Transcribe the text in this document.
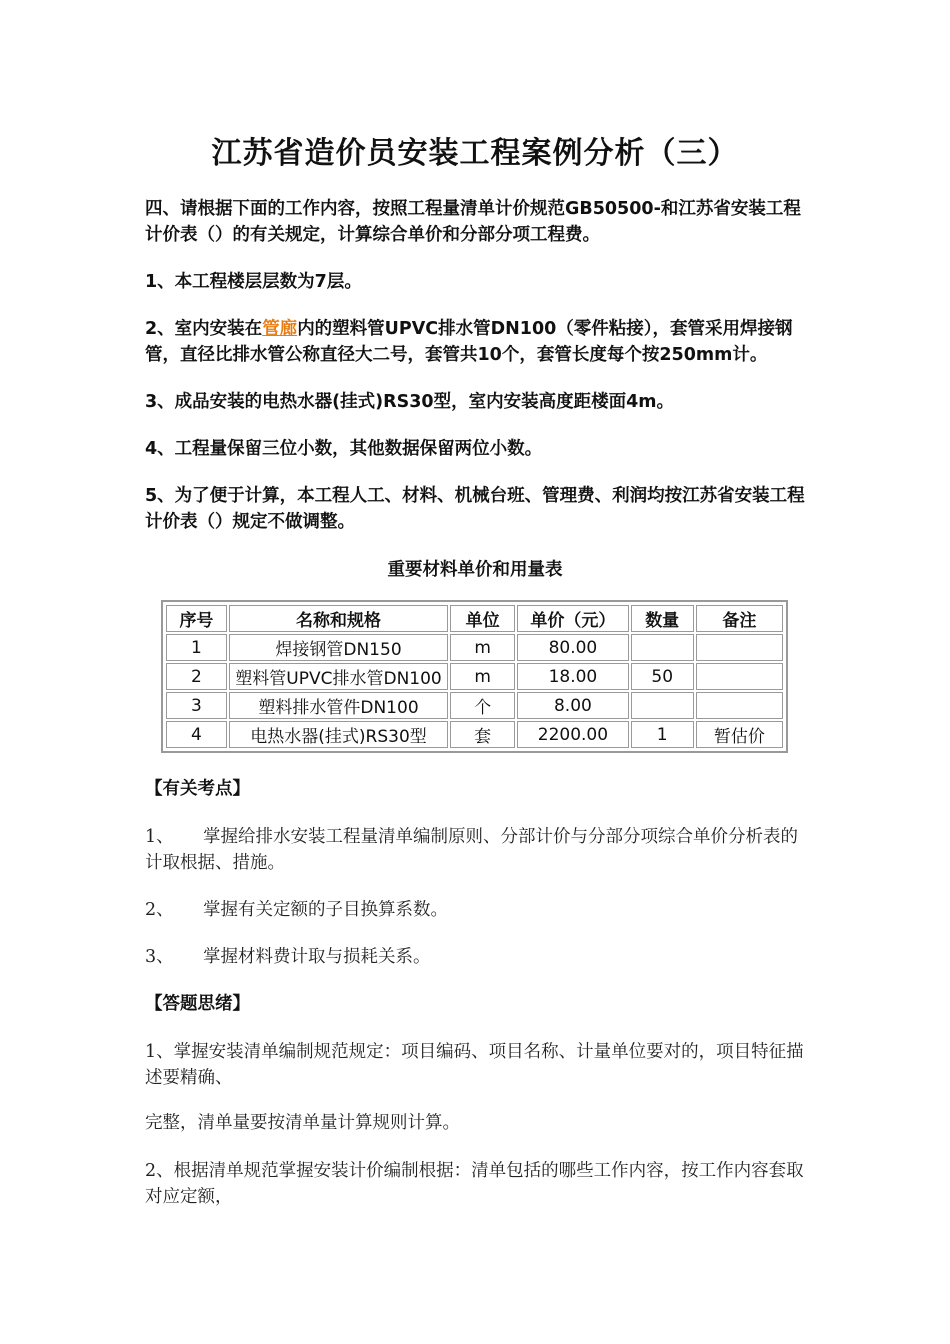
江苏省造价员安装工程案例分析（三）

四、请根据下面的工作内容，按照工程量清单计价规范GB50500-和江苏省安装工程计价表（）的有关规定，计算综合单价和分部分项工程费。

1、本工程楼层层数为7层。

2、室内安装在管廊内的塑料管UPVC排水管DN100（零件粘接），套管采用焊接钢管，直径比排水管公称直径大二号，套管共10个，套管长度每个按250mm计。

3、成品安装的电热水器(挂式)RS30型，室内安装高度距楼面4m。

4、工程量保留三位小数，其他数据保留两位小数。

5、为了便于计算，本工程人工、材料、机械台班、管理费、利润均按江苏省安装工程计价表（）规定不做调整。

重要材料单价和用量表
序号	名称和规格	单位	单价（元）	数量	备注
1	焊接钢管DN150	m	80.00		
2	塑料管UPVC排水管DN100	m	18.00	50	
3	塑料排水管件DN100	个	8.00		
4	电热水器(挂式)RS30型	套	2200.00	1	暂估价

【有关考点】

1、 掌握给排水安装工程量清单编制原则、分部计价与分部分项综合单价分析表的计取根据、措施。

2、 掌握有关定额的子目换算系数。

3、 掌握材料费计取与损耗关系。

【答题思绪】

1、掌握安装清单编制规范规定：项目编码、项目名称、计量单位要对的，项目特征描述要精确、

完整，清单量要按清单量计算规则计算。

2、根据清单规范掌握安装计价编制根据：清单包括的哪些工作内容，按工作内容套取对应定额，
